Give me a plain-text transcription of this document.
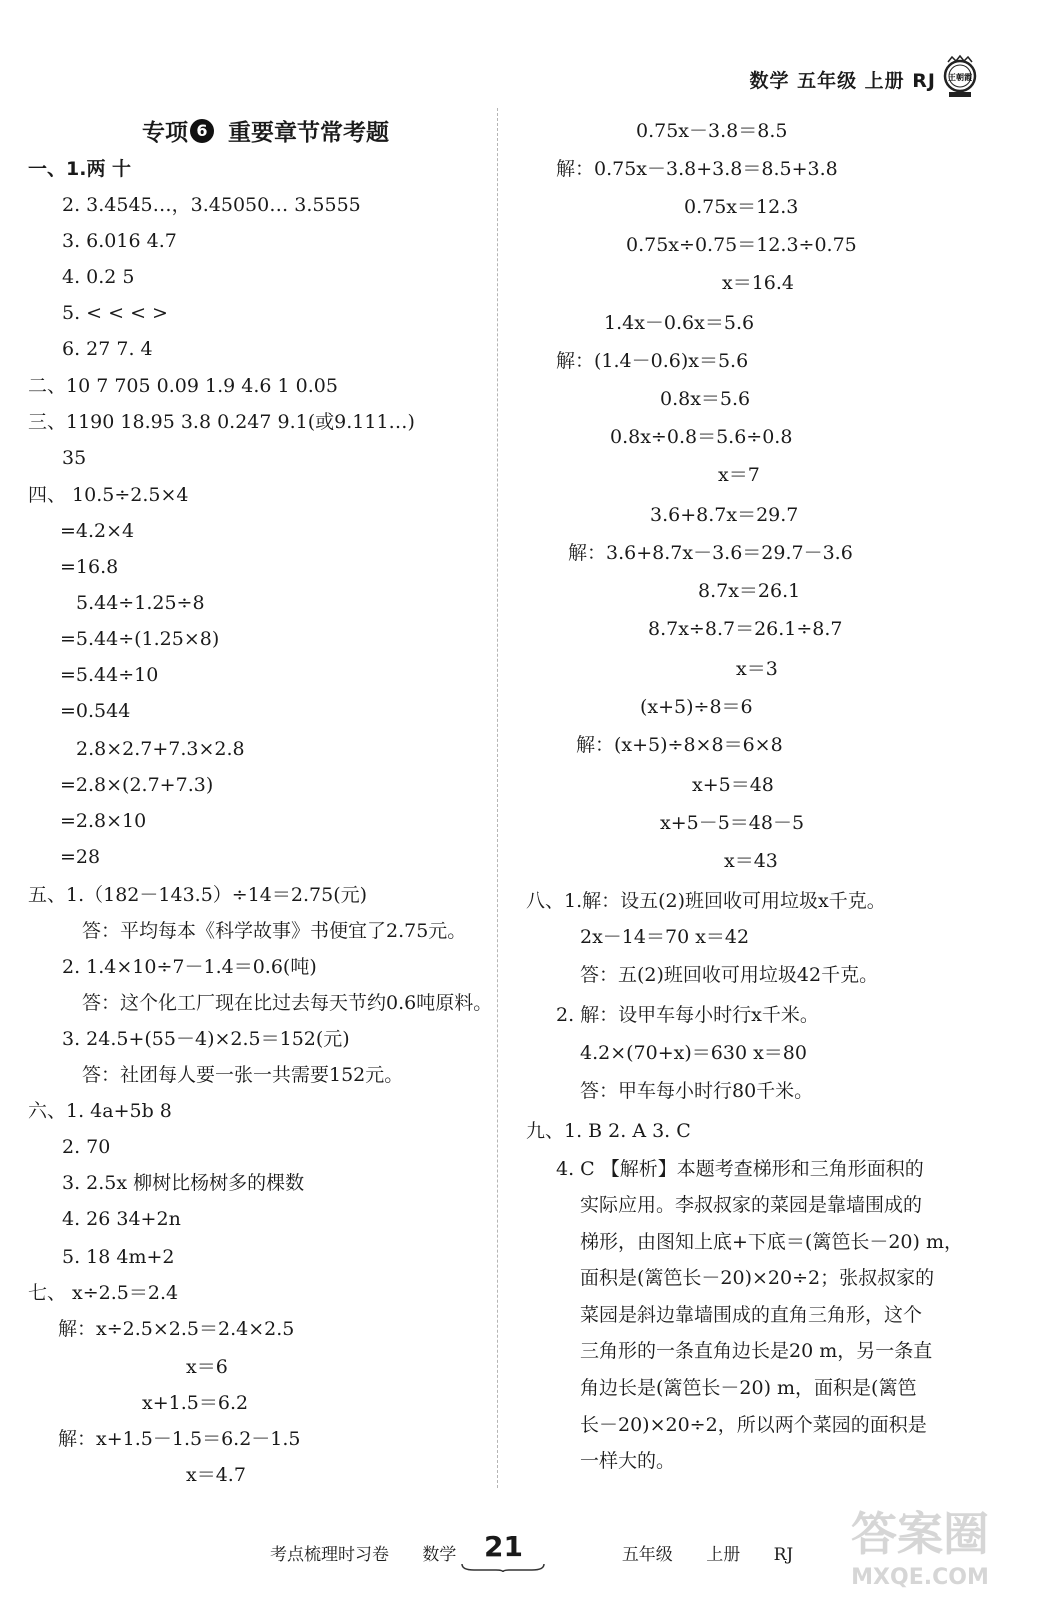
数学 五年级 上册 RJ 王朝霞
专项 6 重要章节常考题
一、1.两 十
2. 3.4545…，3.45050… 3.5555
3. 6.016 4.7
4. 0.2 5
5. < < < >
6. 27 7. 4
二、10 7 705 0.09 1.9 4.6 1 0.05
三、1190 18.95 3.8 0.247 9.1(或9.111…)
35
四、 10.5÷2.5×4
=4.2×4
=16.8
5.44÷1.25÷8
=5.44÷(1.25×8)
=5.44÷10
=0.544
2.8×2.7+7.3×2.8
=2.8×(2.7+7.3)
=2.8×10
=28
五、1.（182－143.5）÷14＝2.75(元)
答：平均每本《科学故事》书便宜了2.75元。
2. 1.4×10÷7－1.4＝0.6(吨)
答：这个化工厂现在比过去每天节约0.6吨原料。
3. 24.5+(55－4)×2.5＝152(元)
答：社团每人要一张一共需要152元。
六、1. 4a+5b 8
2. 70
3. 2.5x 柳树比杨树多的棵数
4. 26 34+2n
5. 18 4m+2
七、 x÷2.5＝2.4
解：x÷2.5×2.5＝2.4×2.5
x＝6
x+1.5＝6.2
解：x+1.5－1.5＝6.2－1.5
x＝4.7
0.75x－3.8＝8.5
解：0.75x－3.8+3.8＝8.5+3.8
0.75x＝12.3
0.75x÷0.75＝12.3÷0.75
x＝16.4
1.4x－0.6x＝5.6
解：(1.4－0.6)x＝5.6
0.8x＝5.6
0.8x÷0.8＝5.6÷0.8
x＝7
3.6+8.7x＝29.7
解：3.6+8.7x－3.6＝29.7－3.6
8.7x＝26.1
8.7x÷8.7＝26.1÷8.7
x＝3
(x+5)÷8＝6
解：(x+5)÷8×8＝6×8
x+5＝48
x+5－5＝48－5
x＝43
八、1.解：设五(2)班回收可用垃圾x千克。
2x－14＝70 x＝42
答：五(2)班回收可用垃圾42千克。
2. 解：设甲车每小时行x千米。
4.2×(70+x)＝630 x＝80
答：甲车每小时行80千米。
九、1. B 2. A 3. C
4. C 【解析】本题考查梯形和三角形面积的
实际应用。李叔叔家的菜园是靠墙围成的
梯形，由图知上底+下底＝(篱笆长－20) m，
面积是(篱笆长－20)×20÷2；张叔叔家的
菜园是斜边靠墙围成的直角三角形，这个
三角形的一条直角边长是20 m，另一条直
角边长是(篱笆长－20) m，面积是(篱笆
长－20)×20÷2，所以两个菜园的面积是
一样大的。
考点梳理时习卷 数学	五年级 上册 RJ
21	答案圈
MXQE.COM
